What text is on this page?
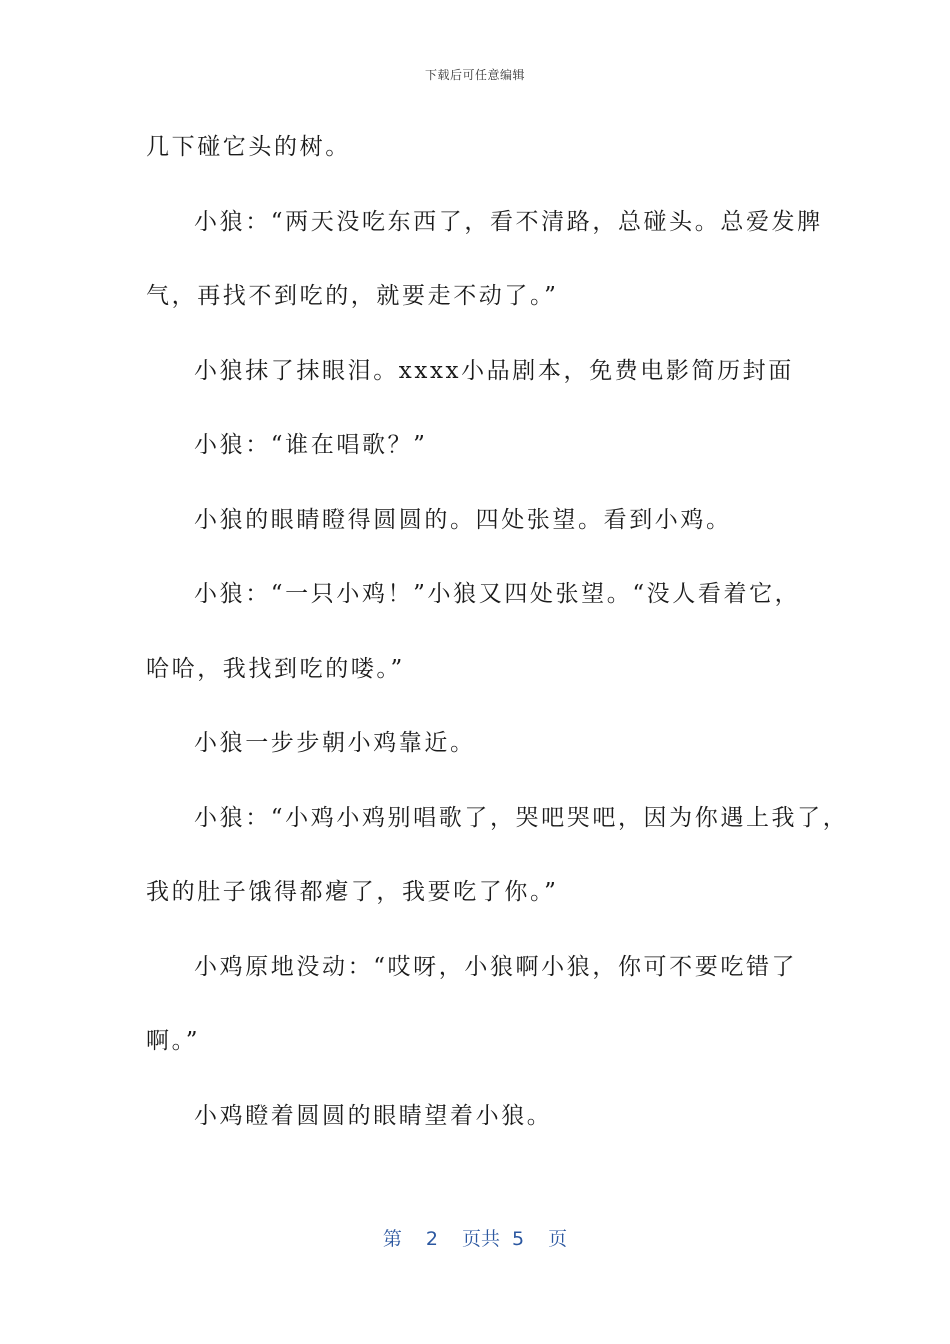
下载后可任意编辑
几下碰它头的树。
小狼：“两天没吃东西了，看不清路，总碰头。总爱发脾
气，再找不到吃的，就要走不动了。”
小狼抹了抹眼泪。xxxx小品剧本，免费电影简历封面
小狼：“谁在唱歌？”
小狼的眼睛瞪得圆圆的。四处张望。看到小鸡。
小狼：“一只小鸡！”小狼又四处张望。“没人看着它，
哈哈，我找到吃的喽。”
小狼一步步朝小鸡靠近。
小狼：“小鸡小鸡别唱歌了，哭吧哭吧，因为你遇上我了，
我的肚子饿得都瘪了，我要吃了你。”
小鸡原地没动：“哎呀，小狼啊小狼，你可不要吃错了
啊。”
小鸡瞪着圆圆的眼睛望着小狼。
第 2 页共 5 页
